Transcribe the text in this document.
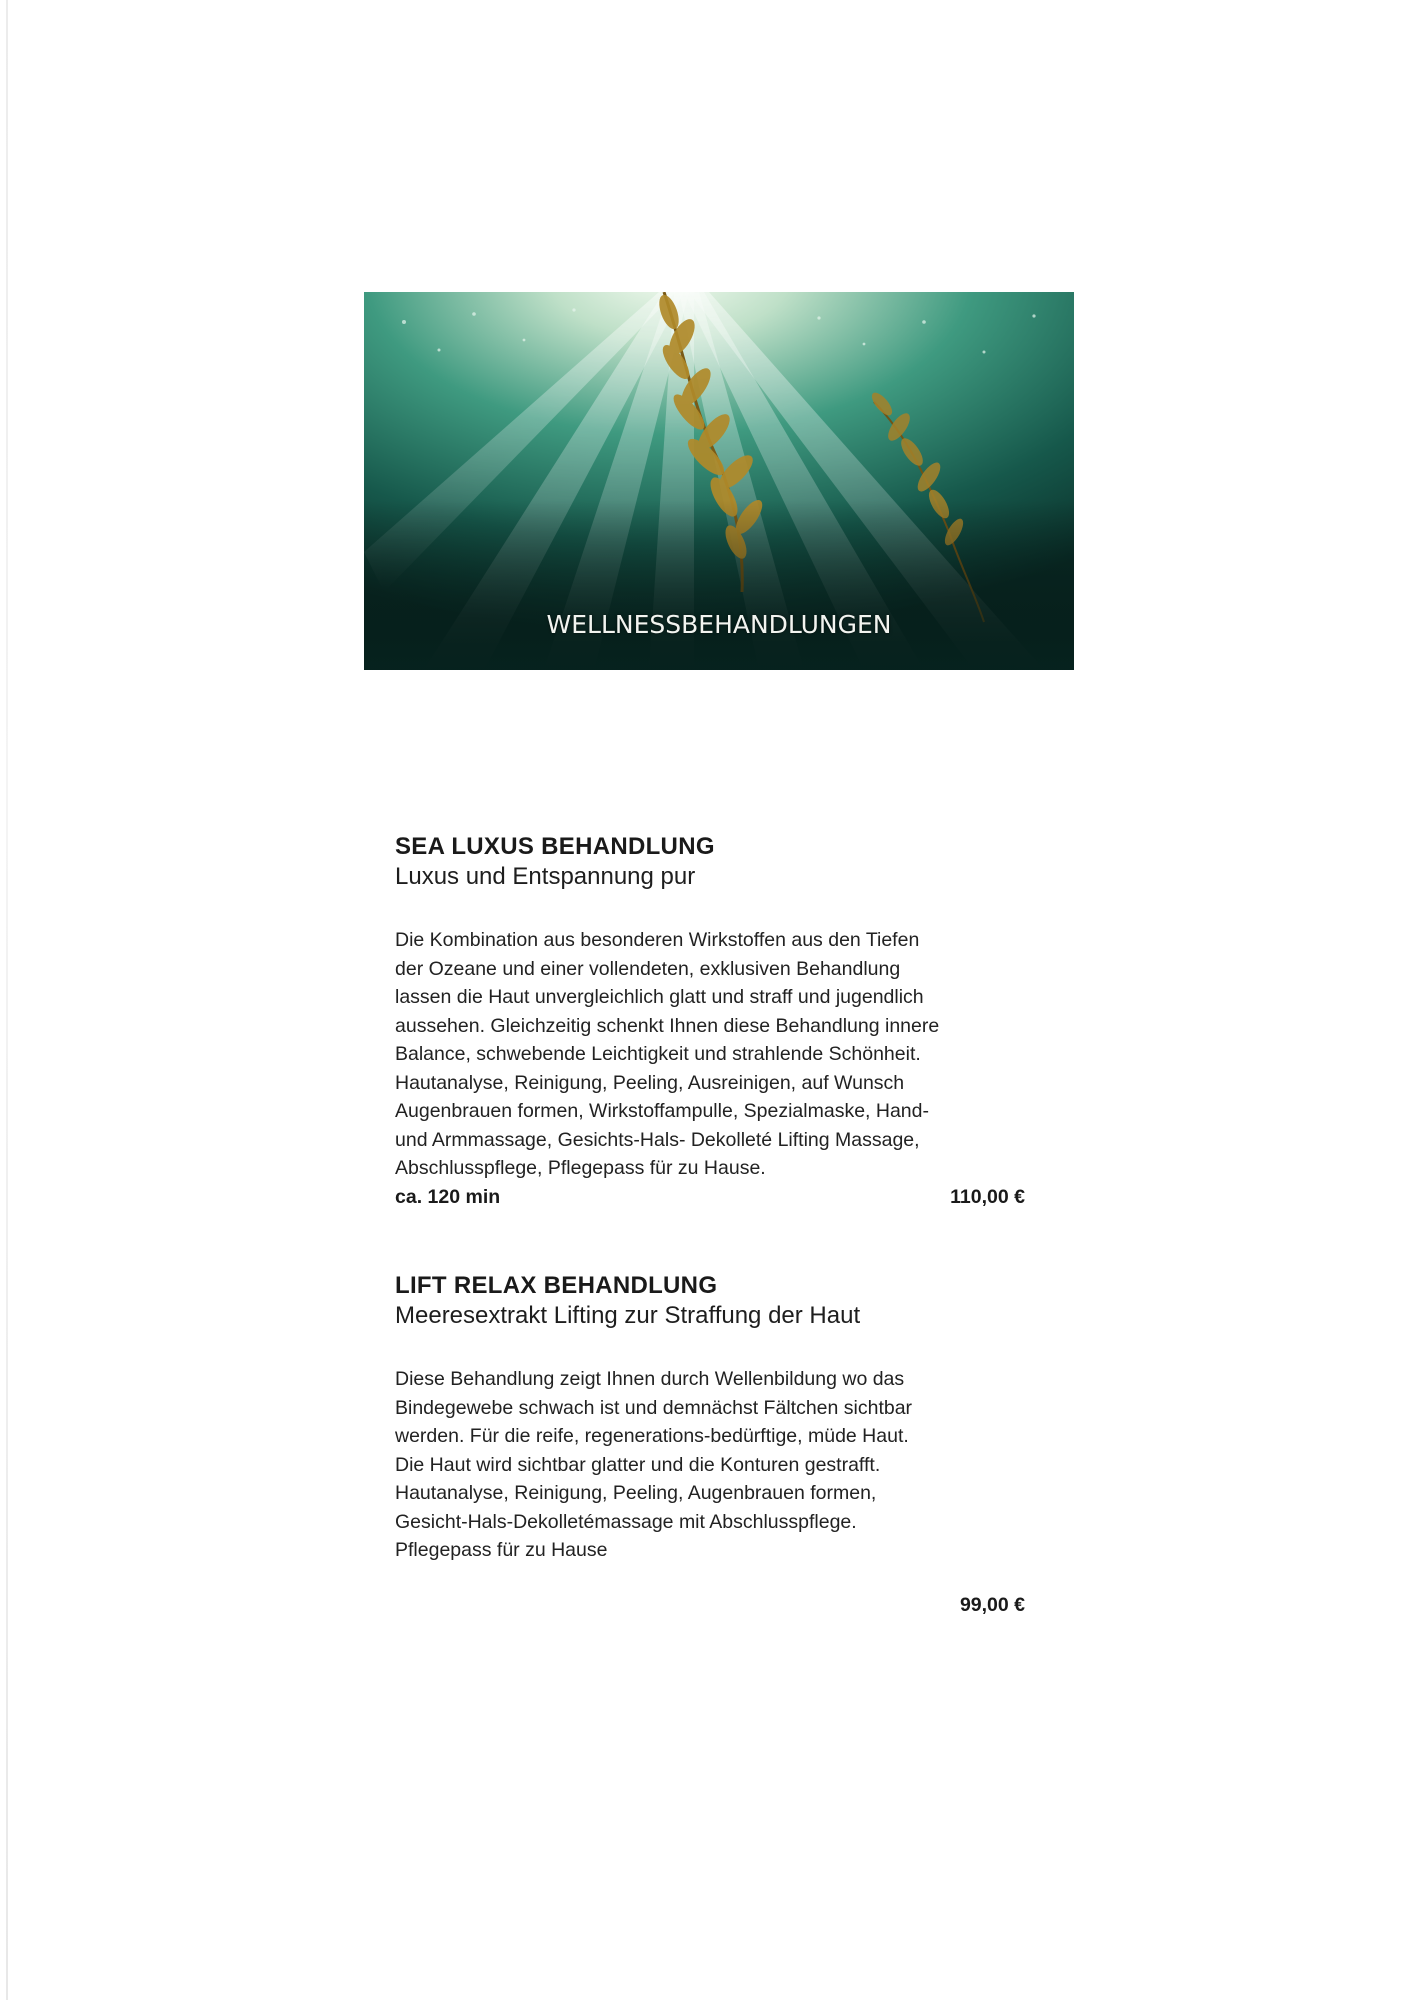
WELLNESSBEHANDLUNGEN
SEA LUXUS BEHANDLUNG

Luxus und Entspannung pur

Die Kombination aus besonderen Wirkstoffen aus den Tiefen
der Ozeane und einer vollendeten, exklusiven Behandlung
lassen die Haut unvergleichlich glatt und straff und jugendlich
aussehen. Gleichzeitig schenkt Ihnen diese Behandlung innere
Balance, schwebende Leichtigkeit und strahlende Schönheit.
Hautanalyse, Reinigung, Peeling, Ausreinigen, auf Wunsch
Augenbrauen formen, Wirkstoffampulle, Spezialmaske, Hand-
und Armmassage, Gesichts-Hals- Dekolleté Lifting Massage,
Abschlusspflege, Pflegepass für zu Hause.
ca. 120 min	110,00 €
LIFT RELAX BEHANDLUNG

Meeresextrakt Lifting zur Straffung der Haut

Diese Behandlung zeigt Ihnen durch Wellenbildung wo das
Bindegewebe schwach ist und demnächst Fältchen sichtbar
werden. Für die reife, regenerations-bedürftige, müde Haut.
Die Haut wird sichtbar glatter und die Konturen gestrafft.
Hautanalyse, Reinigung, Peeling, Augenbrauen formen,
Gesicht-Hals-Dekolletémassage mit Abschlusspflege.
Pflegepass für zu Hause
99,00 €
